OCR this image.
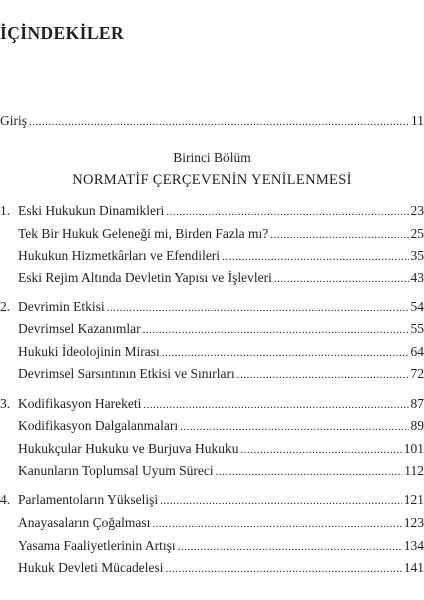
İÇİNDEKİLER
Giriş .....	11
Birinci Bölüm
NORMATİF ÇERÇEVENİN YENİLENMESİ
1. Eski Hukukun Dinamikleri .....	23
Tek Bir Hukuk Geleneği mi, Birden Fazla mı? .....	25
Hukukun Hizmetkârları ve Efendileri .....	35
Eski Rejim Altında Devletin Yapısı ve İşlevleri .....	43
2. Devrimin Etkisi .....	54
Devrimsel Kazanımlar .....	55
Hukuki İdeolojinin Mirası .....	64
Devrimsel Sarsıntının Etkisi ve Sınırları .....	72
3. Kodifikasyon Hareketi .....	87
Kodifikasyon Dalgalanmaları .....	89
Hukukçular Hukuku ve Burjuva Hukuku .....	101
Kanunların Toplumsal Uyum Süreci .....	112
4. Parlamentoların Yükselişi .....	121
Anayasaların Çoğalması .....	123
Yasama Faaliyetlerinin Artışı .....	134
Hukuk Devleti Mücadelesi .....	141
